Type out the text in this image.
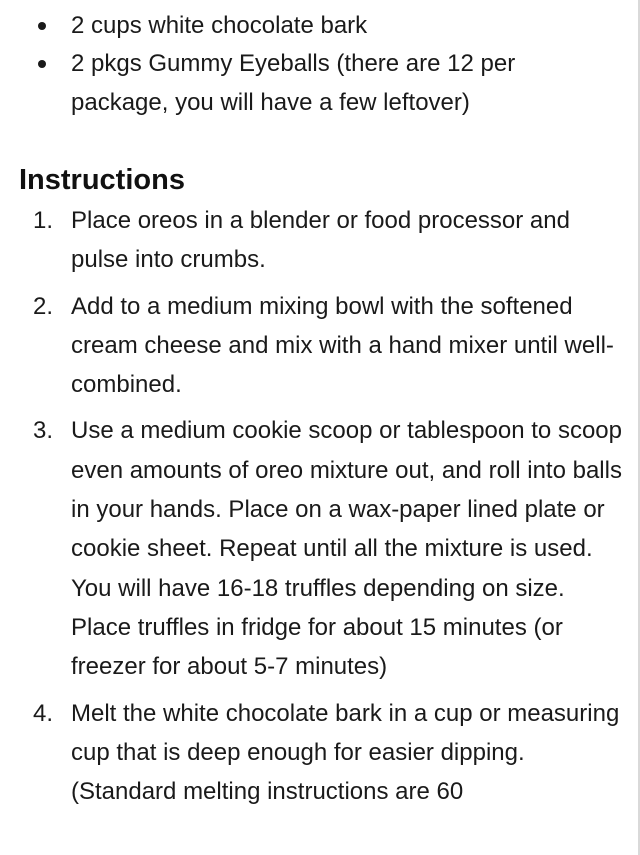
2 cups white chocolate bark
2 pkgs Gummy Eyeballs (there are 12 per package, you will have a few leftover)
Instructions
1. Place oreos in a blender or food processor and pulse into crumbs.
2. Add to a medium mixing bowl with the softened cream cheese and mix with a hand mixer until well-combined.
3. Use a medium cookie scoop or tablespoon to scoop even amounts of oreo mixture out, and roll into balls in your hands. Place on a wax-paper lined plate or cookie sheet. Repeat until all the mixture is used. You will have 16-18 truffles depending on size. Place truffles in fridge for about 15 minutes (or freezer for about 5-7 minutes)
4. Melt the white chocolate bark in a cup or measuring cup that is deep enough for easier dipping. (Standard melting instructions are 60
